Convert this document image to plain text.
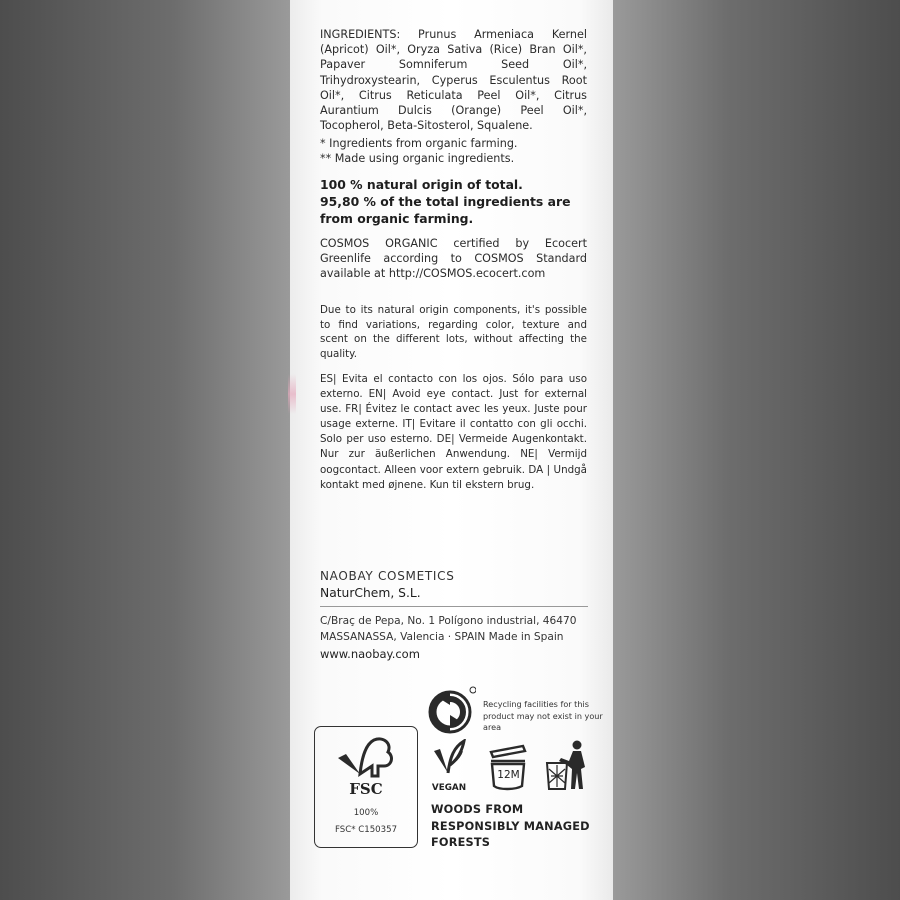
INGREDIENTS: Prunus Armeniaca Kernel (Apricot) Oil*, Oryza Sativa (Rice) Bran Oil*, Papaver Somniferum Seed Oil*, Trihydroxystearin, Cyperus Esculentus Root Oil*, Citrus Reticulata Peel Oil*, Citrus Aurantium Dulcis (Orange) Peel Oil*, Tocopherol, Beta-Sitosterol, Squalene.
* Ingredients from organic farming.
** Made using organic ingredients.
100 % natural origin of total.
95,80 % of the total ingredients are from organic farming.
COSMOS ORGANIC certified by Ecocert Greenlife according to COSMOS Standard available at http://COSMOS.ecocert.com
Due to its natural origin components, it's possible to find variations, regarding color, texture and scent on the different lots, without affecting the quality.
ES| Evita el contacto con los ojos. Sólo para uso externo. EN| Avoid eye contact. Just for external use. FR| Évitez le contact avec les yeux. Juste pour usage externe. IT| Evitare il contatto con gli occhi. Solo per uso esterno. DE| Vermeide Augenkontakt. Nur zur äußerlichen Anwendung. NE| Vermijd oogcontact. Alleen voor extern gebruik. DA | Undgå kontakt med øjnene. Kun til ekstern brug.
NAOBAY COSMETICS
NaturChem, S.L.
C/Braç de Pepa, No. 1 Polígono industrial, 46470
MASSANASSA, Valencia · SPAIN Made in Spain
www.naobay.com
Recycling facilities for this product may not exist in your area
FSC
100%
FSC* C150357
VEGAN
12M
WOODS FROM RESPONSIBLY MANAGED FORESTS
